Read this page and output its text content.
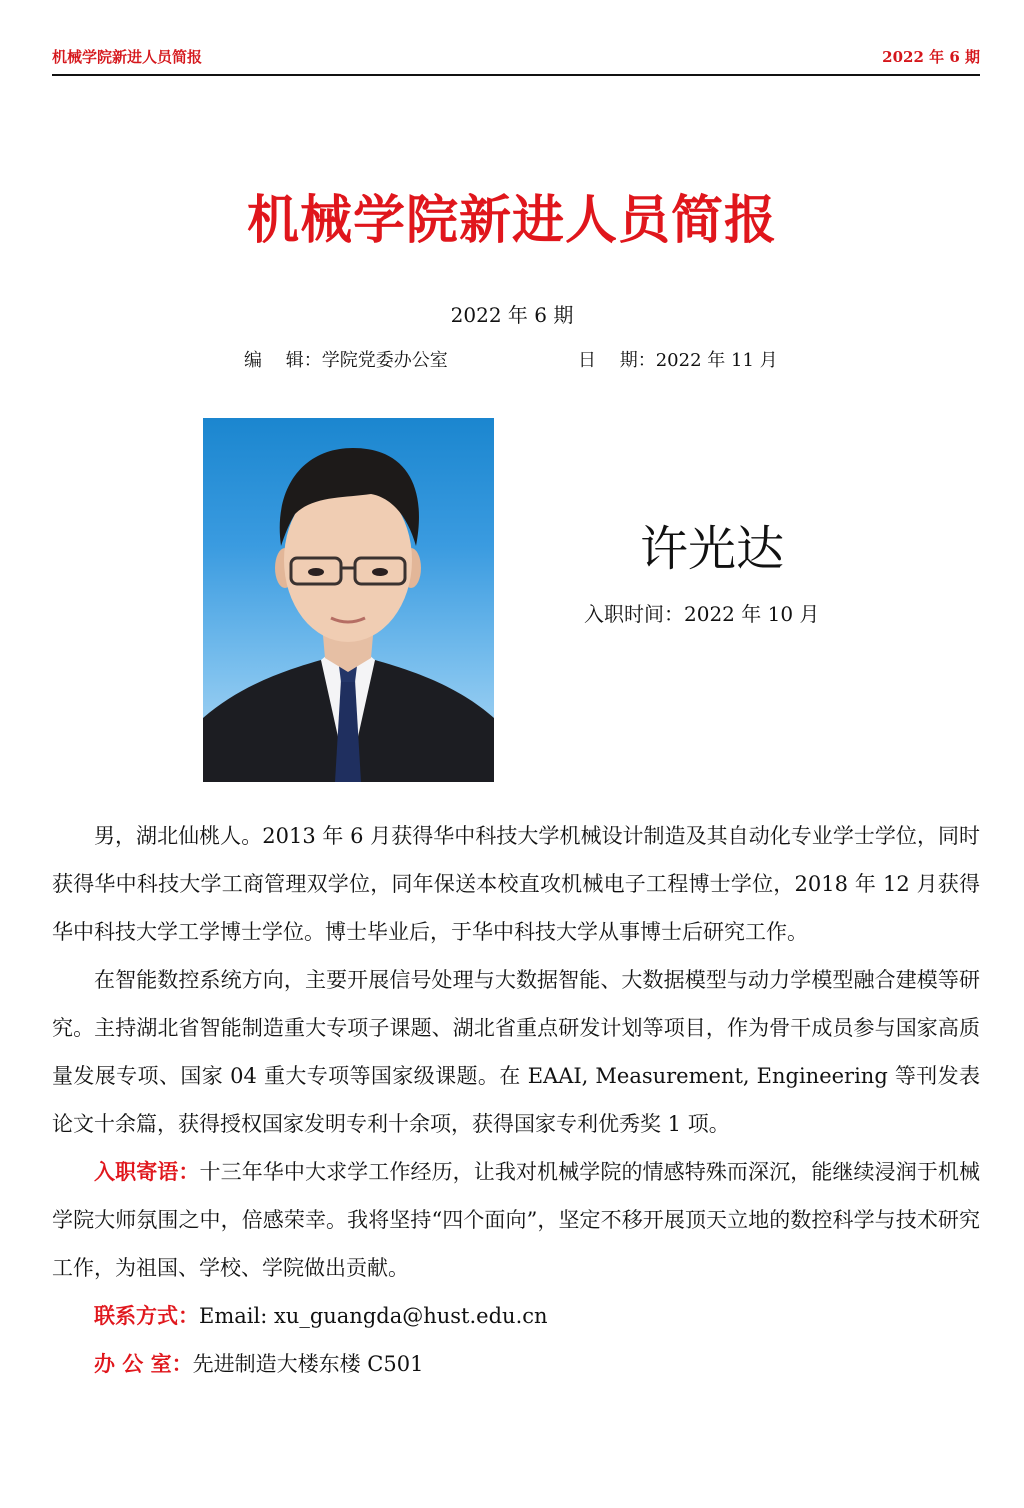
机械学院新进人员简报	2022 年 6 期
机械学院新进人员简报
2022 年 6 期
编　 辑：学院党委办公室	日　 期：2022 年 11 月
许光达
入职时间：2022 年 10 月

男，湖北仙桃人。2013 年 6 月获得华中科技大学机械设计制造及其自动化专业学士学位，同时获得华中科技大学工商管理双学位，同年保送本校直攻机械电子工程博士学位，2018 年 12 月获得华中科技大学工学博士学位。博士毕业后，于华中科技大学从事博士后研究工作。

在智能数控系统方向，主要开展信号处理与大数据智能、大数据模型与动力学模型融合建模等研究。主持湖北省智能制造重大专项子课题、湖北省重点研发计划等项目，作为骨干成员参与国家高质量发展专项、国家 04 重大专项等国家级课题。在 EAAI, Measurement, Engineering 等刊发表论文十余篇，获得授权国家发明专利十余项，获得国家专利优秀奖 1 项。

入职寄语：十三年华中大求学工作经历，让我对机械学院的情感特殊而深沉，能继续浸润于机械学院大师氛围之中，倍感荣幸。我将坚持“四个面向”，坚定不移开展顶天立地的数控科学与技术研究工作，为祖国、学校、学院做出贡献。

联系方式：Email: xu_guangda@hust.edu.cn

办 公 室：先进制造大楼东楼 C501
